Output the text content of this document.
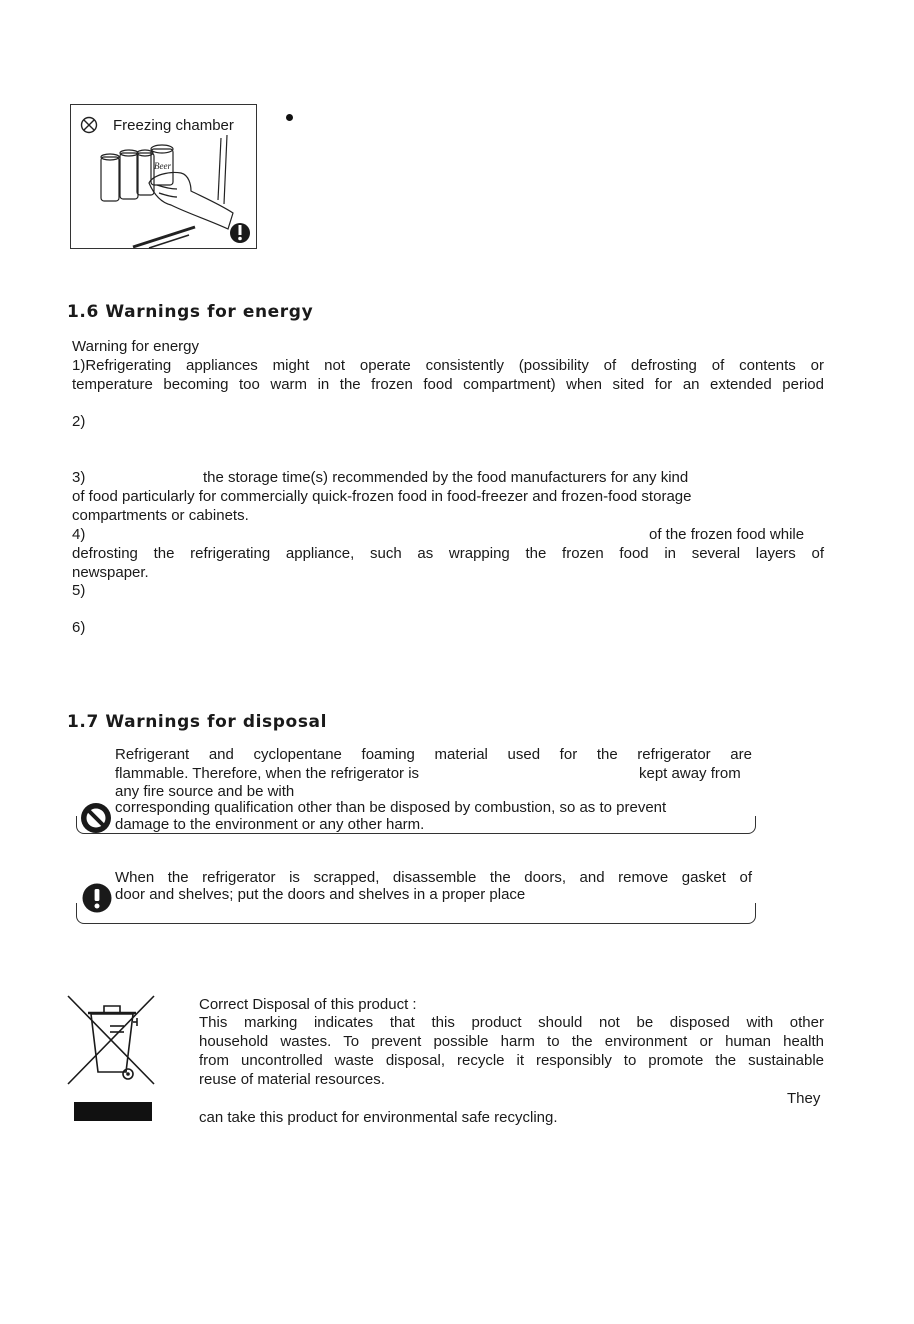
Freezing chamber
Beer
1.6 Warnings for energy
Warning for energy
1)Refrigerating appliances might not operate consistently (possibility of defrosting of contents or
temperature becoming too warm in the frozen food compartment) when sited for an extended period
2)
3)	the storage time(s) recommended by the food manufacturers for any kind
of food particularly for commercially quick-frozen food in food-freezer and frozen-food storage
compartments or cabinets.
4)	of the frozen food while
defrosting the refrigerating appliance, such as wrapping the frozen food in several layers of
newspaper.
5)
6)
1.7 Warnings for disposal
Refrigerant and cyclopentane foaming material used for the refrigerator are
flammable. Therefore, when the refrigerator is	kept away from
any fire source and be with
corresponding qualification other than be disposed by combustion, so as to prevent
damage to the environment or any other harm.
When the refrigerator is scrapped, disassemble the doors, and remove gasket of
door and shelves; put the doors and shelves in a proper place
Correct Disposal of this product :
This marking indicates that this product should not be disposed with other
household wastes. To prevent possible harm to the environment or human health
from uncontrolled waste disposal, recycle it responsibly to promote the sustainable
reuse of material resources.
They
can take this product for environmental safe recycling.
